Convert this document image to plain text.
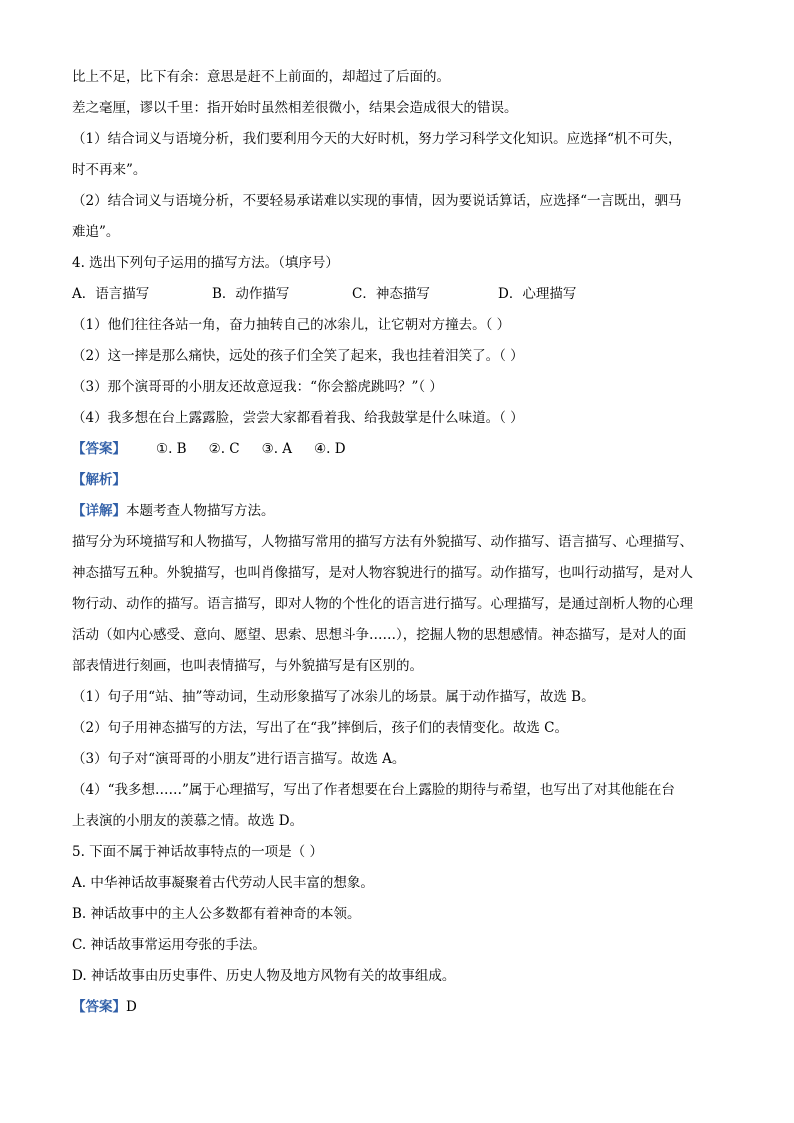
比上不足，比下有余：意思是赶不上前面的，却超过了后面的。
差之毫厘，谬以千里：指开始时虽然相差很微小，结果会造成很大的错误。
（1）结合词义与语境分析，我们要利用今天的大好时机，努力学习科学文化知识。应选择“机不可失，
时不再来”。
（2）结合词义与语境分析，不要轻易承诺难以实现的事情，因为要说话算话，应选择“一言既出，驷马
难追”。
4. 选出下列句子运用的描写方法。（填序号）
A．语言描写	B．动作描写	C．神态描写	D．心理描写
（1）他们往往各站一角，奋力抽转自己的冰尜儿，让它朝对方撞去。（ ）
（2）这一摔是那么痛快，远处的孩子们全笑了起来，我也挂着泪笑了。（ ）
（3）那个演哥哥的小朋友还故意逗我：“你会豁虎跳吗？”（ ）
（4）我多想在台上露露脸，尝尝大家都看着我、给我鼓掌是什么味道。（ ）
【答案】 ①. B ②. C ③. A ④. D
【解析】
【详解】本题考查人物描写方法。
描写分为环境描写和人物描写，人物描写常用的描写方法有外貌描写、动作描写、语言描写、心理描写、
神态描写五种。外貌描写，也叫肖像描写，是对人物容貌进行的描写。动作描写，也叫行动描写，是对人
物行动、动作的描写。语言描写，即对人物的个性化的语言进行描写。心理描写，是通过剖析人物的心理
活动（如内心感受、意向、愿望、思索、思想斗争……），挖掘人物的思想感情。神态描写，是对人的面
部表情进行刻画，也叫表情描写，与外貌描写是有区别的。
（1）句子用“站、抽”等动词，生动形象描写了冰尜儿的场景。属于动作描写，故选 B。
（2）句子用神态描写的方法，写出了在“我”摔倒后，孩子们的表情变化。故选 C。
（3）句子对“演哥哥的小朋友”进行语言描写。故选 A。
（4）“我多想……”属于心理描写，写出了作者想要在台上露脸的期待与希望，也写出了对其他能在台
上表演的小朋友的羡慕之情。故选 D。
5. 下面不属于神话故事特点的一项是（ ）
A. 中华神话故事凝聚着古代劳动人民丰富的想象。
B. 神话故事中的主人公多数都有着神奇的本领。
C. 神话故事常运用夸张的手法。
D. 神话故事由历史事件、历史人物及地方风物有关的故事组成。
【答案】D
